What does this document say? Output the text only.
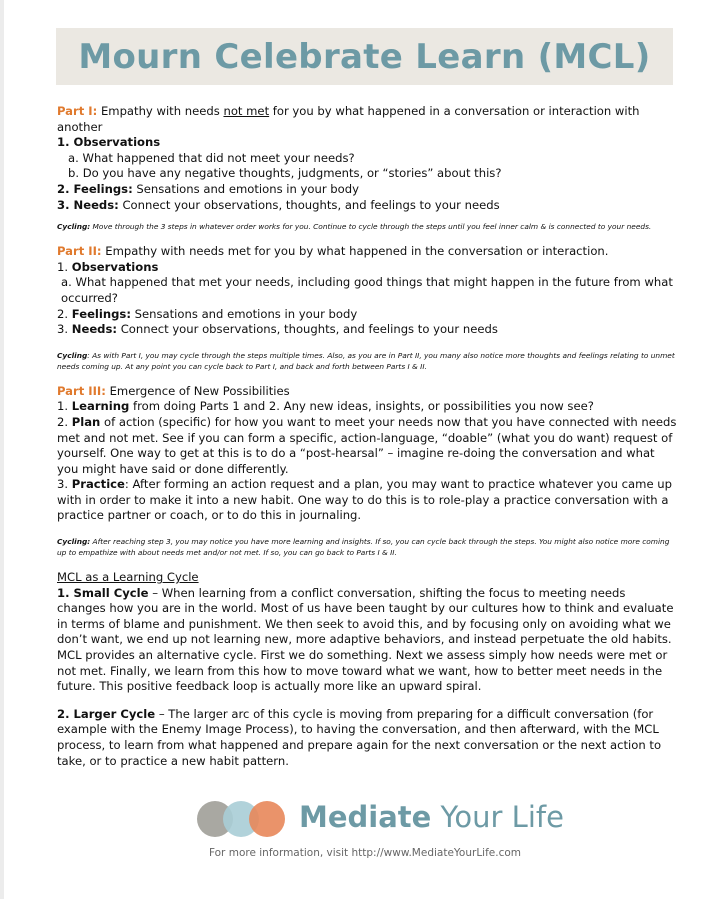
Mourn Celebrate Learn (MCL)

Part I: Empathy with needs not met for you by what happened in a conversation or interaction with another

1. Observations

a. What happened that did not meet your needs?

b. Do you have any negative thoughts, judgments, or “stories” about this?

2. Feelings: Sensations and emotions in your body

3. Needs: Connect your observations, thoughts, and feelings to your needs

Cycling: Move through the 3 steps in whatever order works for you. Continue to cycle through the steps until you feel inner calm & is connected to your needs.

Part II: Empathy with needs met for you by what happened in the conversation or interaction.

1. Observations

a. What happened that met your needs, including good things that might happen in the future from what occurred?

2. Feelings: Sensations and emotions in your body

3. Needs: Connect your observations, thoughts, and feelings to your needs

Cycling: As with Part I, you may cycle through the steps multiple times. Also, as you are in Part II, you many also notice more thoughts and feelings relating to unmet needs coming up. At any point you can cycle back to Part I, and back and forth between Parts I & II.

Part III: Emergence of New Possibilities

1. Learning from doing Parts 1 and 2. Any new ideas, insights, or possibilities you now see?

2. Plan of action (specific) for how you want to meet your needs now that you have connected with needs met and not met. See if you can form a specific, action-language, “doable” (what you do want) request of yourself. One way to get at this is to do a “post-hearsal” – imagine re-doing the conversation and what you might have said or done differently.

3. Practice: After forming an action request and a plan, you may want to practice whatever you came up with in order to make it into a new habit. One way to do this is to role-play a practice conversation with a practice partner or coach, or to do this in journaling.

Cycling: After reaching step 3, you may notice you have more learning and insights. If so, you can cycle back through the steps. You might also notice more coming up to empathize with about needs met and/or not met. If so, you can go back to Parts I & II.

MCL as a Learning Cycle

1. Small Cycle – When learning from a conflict conversation, shifting the focus to meeting needs changes how you are in the world. Most of us have been taught by our cultures how to think and evaluate in terms of blame and punishment. We then seek to avoid this, and by focusing only on avoiding what we don’t want, we end up not learning new, more adaptive behaviors, and instead perpetuate the old habits. MCL provides an alternative cycle. First we do something. Next we assess simply how needs were met or not met. Finally, we learn from this how to move toward what we want, how to better meet needs in the future. This positive feedback loop is actually more like an upward spiral.

2. Larger Cycle – The larger arc of this cycle is moving from preparing for a difficult conversation (for example with the Enemy Image Process), to having the conversation, and then afterward, with the MCL process, to learn from what happened and prepare again for the next conversation or the next action to take, or to practice a new habit pattern.

Mediate Your Life
For more information, visit http://www.MediateYourLife.com
